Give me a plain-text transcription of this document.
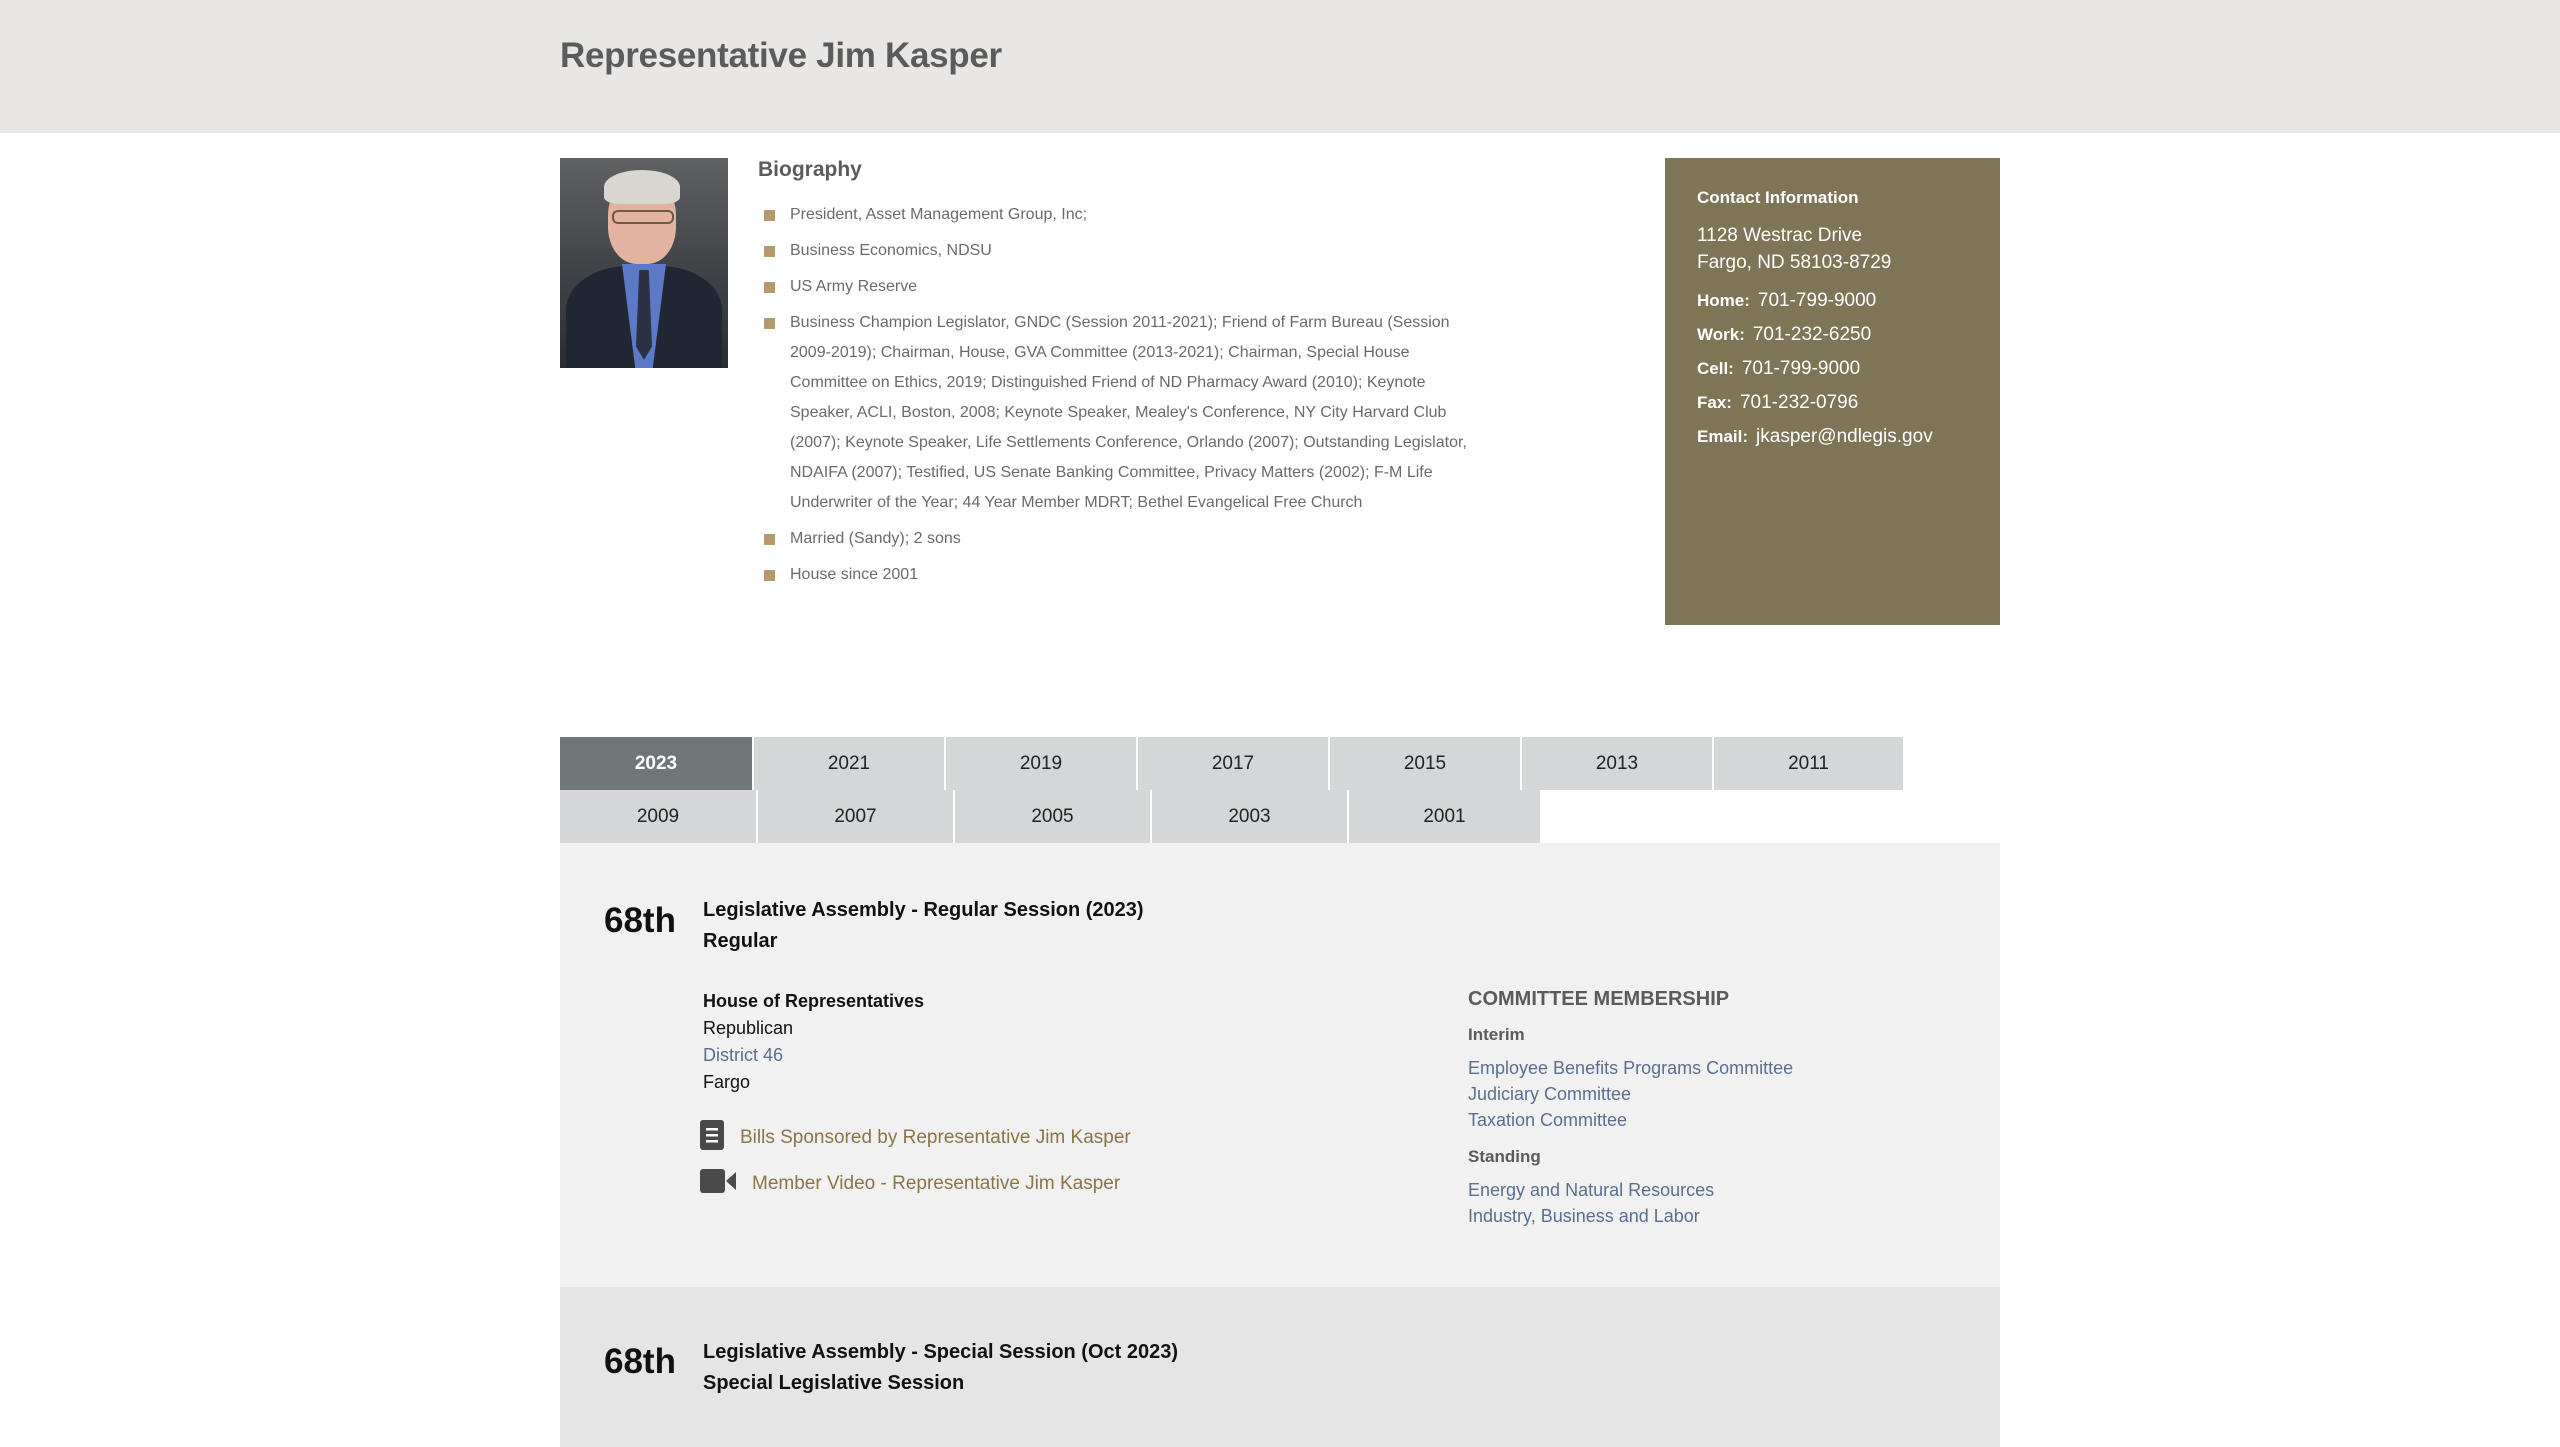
Representative Jim Kasper
Biography
President, Asset Management Group, Inc;
Business Economics, NDSU
US Army Reserve
Business Champion Legislator, GNDC (Session 2011-2021); Friend of Farm Bureau (Session 2009-2019); Chairman, House, GVA Committee (2013-2021); Chairman, Special House Committee on Ethics, 2019; Distinguished Friend of ND Pharmacy Award (2010); Keynote Speaker, ACLI, Boston, 2008; Keynote Speaker, Mealey's Conference, NY City Harvard Club (2007); Keynote Speaker, Life Settlements Conference, Orlando (2007); Outstanding Legislator, NDAIFA (2007); Testified, US Senate Banking Committee, Privacy Matters (2002); F-M Life Underwriter of the Year; 44 Year Member MDRT; Bethel Evangelical Free Church
Married (Sandy); 2 sons
House since 2001
Contact Information
1128 Westrac Drive
Fargo, ND 58103-8729
Home: 701-799-9000
Work: 701-232-6250
Cell: 701-799-9000
Fax: 701-232-0796
Email: jkasper@ndlegis.gov
2023	2021	2019	2017	2015	2013	2011
2009	2007	2005	2003	2001
68th Legislative Assembly - Regular Session (2023)
Regular
House of Representatives
Republican
District 46
Fargo
Bills Sponsored by Representative Jim Kasper
Member Video - Representative Jim Kasper
COMMITTEE MEMBERSHIP
Interim
Employee Benefits Programs Committee
Judiciary Committee
Taxation Committee
Standing
Energy and Natural Resources
Industry, Business and Labor
68th Legislative Assembly - Special Session (Oct 2023)
Special Legislative Session
